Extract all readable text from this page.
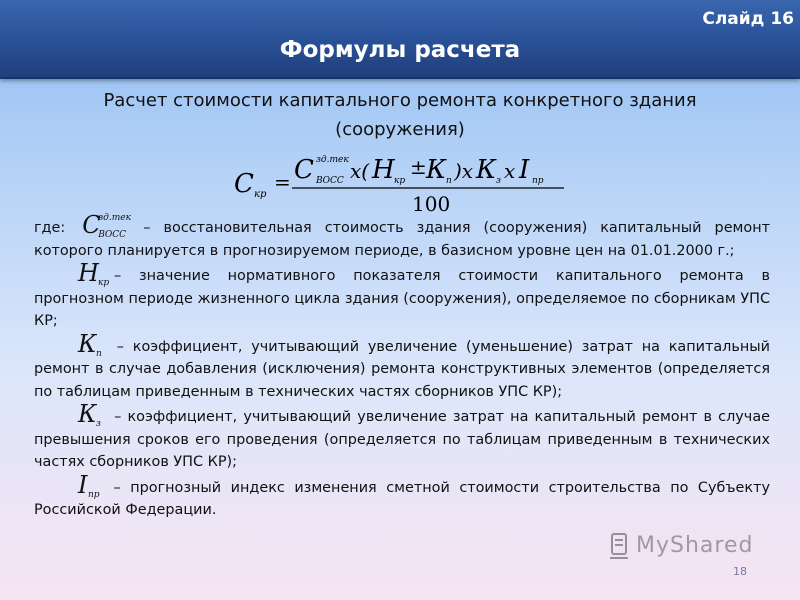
Слайд 16
Формулы расчета
Расчет стоимости капитального ремонта конкретного здания
(сооружения)
С кр
= С зд.тек
ВОСС х( Н кр
± К п )х К з х І пр
100

где: С
зд.тек
ВОСС – восстановительная стоимость здания (сооружения) капитальный ремонт которого планируется в прогнозируемом периоде, в базисном уровне цен на 01.01.2000 г.;

Н кр – значение нормативного показателя стоимости капитального ремонта в прогнозном периоде жизненного цикла здания (сооружения), определяемое по сборникам УПС КР;

К п – коэффициент, учитывающий увеличение (уменьшение) затрат на капитальный ремонт в случае добавления (исключения) ремонта конструктивных элементов (определяется по таблицам приведенным в технических частях сборников УПС КР);

К з – коэффициент, учитывающий увеличение затрат на капитальный ремонт в случае превышения сроков его проведения (определяется по таблицам приведенным в технических частях сборников УПС КР);

І пр – прогнозный индекс изменения сметной стоимости строительства по Субъекту Российской Федерации.

MyShared
18
